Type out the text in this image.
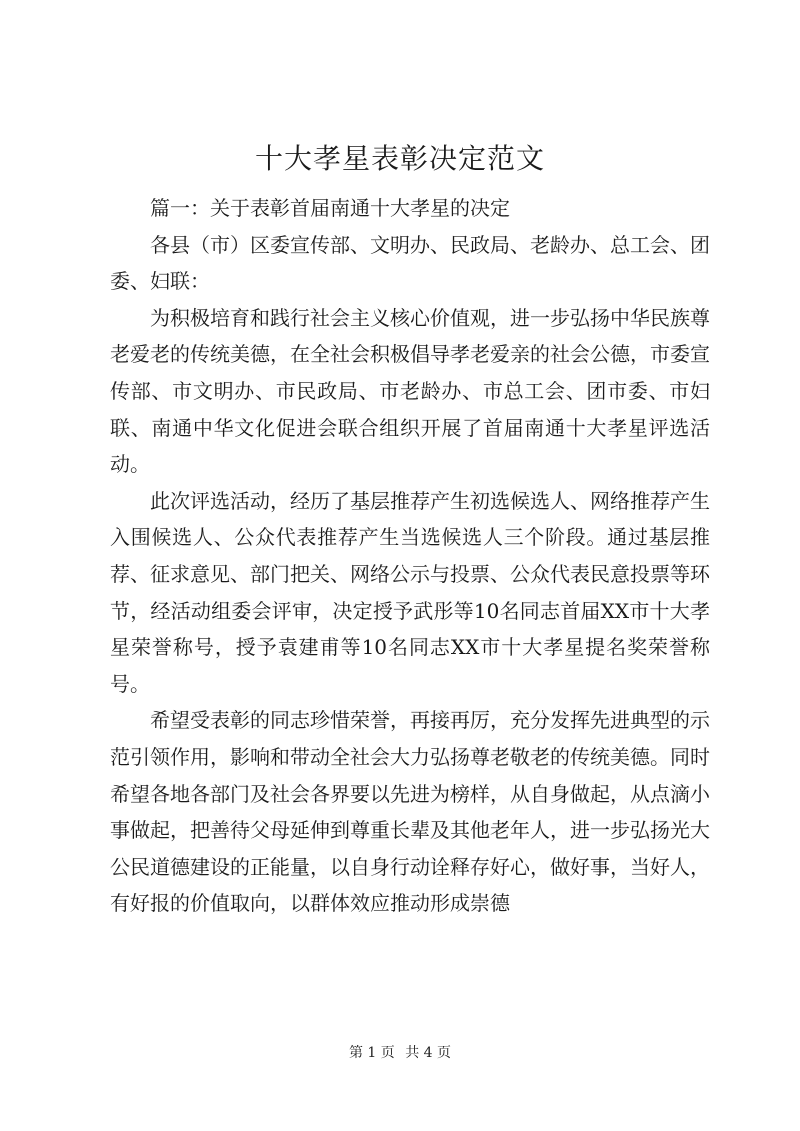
十大孝星表彰决定范文

篇一：关于表彰首届南通十大孝星的决定

各县（市）区委宣传部、文明办、民政局、老龄办、总工会、团委、妇联：

为积极培育和践行社会主义核心价值观，进一步弘扬中华民族尊老爱老的传统美德，在全社会积极倡导孝老爱亲的社会公德，市委宣传部、市文明办、市民政局、市老龄办、市总工会、团市委、市妇联、南通中华文化促进会联合组织开展了首届南通十大孝星评选活动。

此次评选活动，经历了基层推荐产生初选候选人、网络推荐产生入围候选人、公众代表推荐产生当选候选人三个阶段。通过基层推荐、征求意见、部门把关、网络公示与投票、公众代表民意投票等环节，经活动组委会评审，决定授予武彤等10名同志首届XX市十大孝星荣誉称号，授予袁建甫等10名同志XX市十大孝星提名奖荣誉称号。

希望受表彰的同志珍惜荣誉，再接再厉，充分发挥先进典型的示范引领作用，影响和带动全社会大力弘扬尊老敬老的传统美德。同时希望各地各部门及社会各界要以先进为榜样，从自身做起，从点滴小事做起，把善待父母延伸到尊重长辈及其他老年人，进一步弘扬光大公民道德建设的正能量，以自身行动诠释存好心，做好事，当好人，有好报的价值取向，以群体效应推动形成崇德

第 1 页 共 4 页
